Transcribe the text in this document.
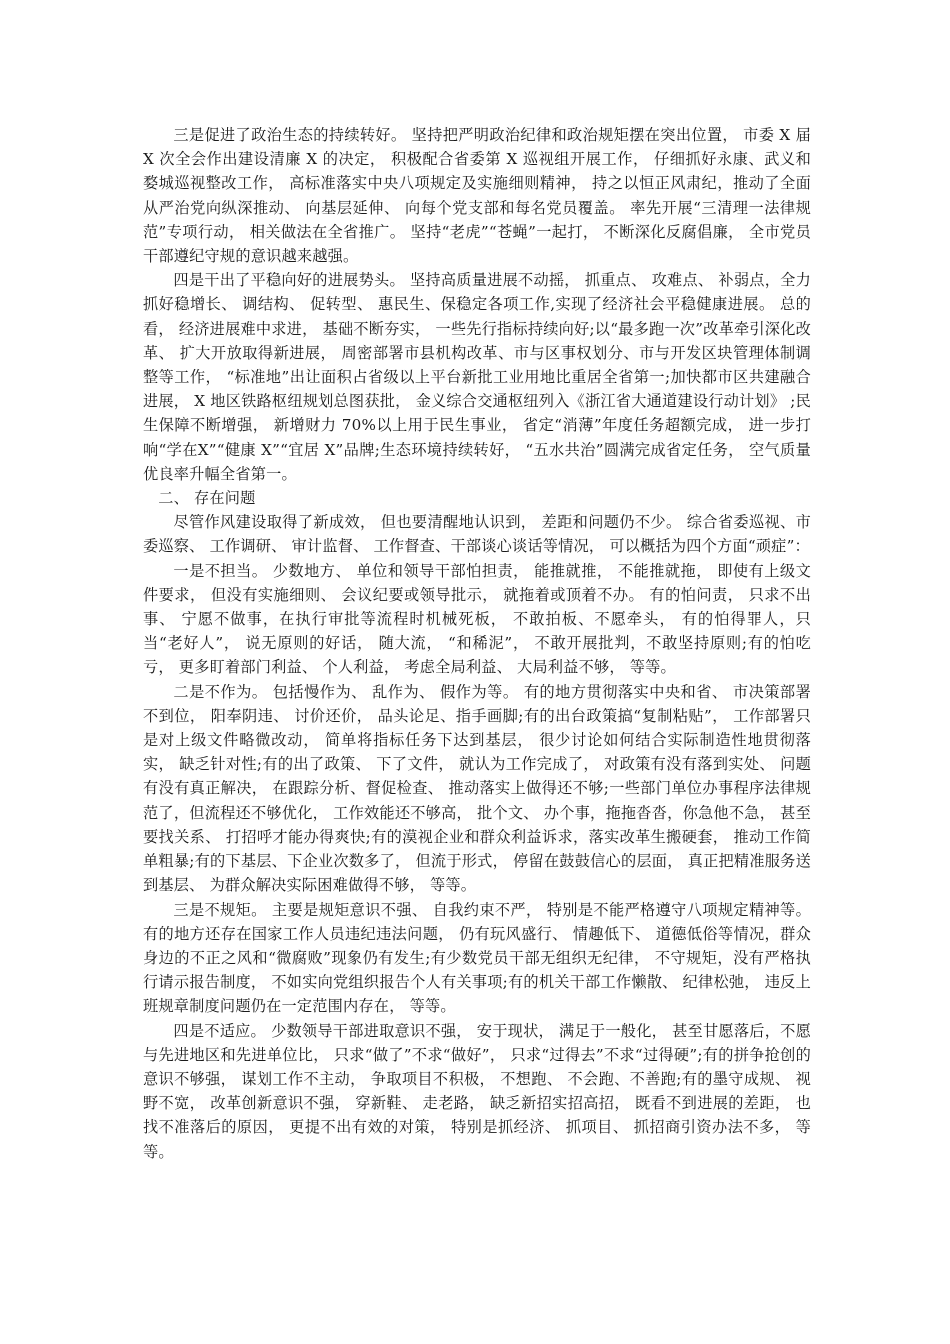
三是促进了政治生态的持续转好。 坚持把严明政治纪律和政治规矩摆在突出位置， 市委 X 届 X 次全会作出建设清廉 X 的决定， 积极配合省委第 X 巡视组开展工作， 仔细抓好永康、武义和婺城巡视整改工作， 高标准落实中央八项规定及实施细则精神， 持之以恒正风肃纪，推动了全面从严治党向纵深推动、 向基层延伸、 向每个党支部和每名党员覆盖。 率先开展“三清理一法律规范”专项行动， 相关做法在全省推广。 坚持“老虎”“苍蝇”一起打， 不断深化反腐倡廉， 全市党员干部遵纪守规的意识越来越强。

四是干出了平稳向好的进展势头。 坚持高质量进展不动摇， 抓重点、 攻难点、 补弱点，全力抓好稳增长、 调结构、 促转型、 惠民生、保稳定各项工作,实现了经济社会平稳健康进展。 总的看， 经济进展难中求进， 基础不断夯实， 一些先行指标持续向好;以“最多跑一次”改革牵引深化改革、 扩大开放取得新进展， 周密部署市县机构改革、市与区事权划分、市与开发区块管理体制调整等工作， “标准地”出让面积占省级以上平台新批工业用地比重居全省第一;加快都市区共建融合进展， X 地区铁路枢纽规划总图获批， 金义综合交通枢纽列入《浙江省大通道建设行动计划》 ;民生保障不断增强， 新增财力 70%以上用于民生事业， 省定“消薄”年度任务超额完成， 进一步打响“学在X”“健康 X”“宜居 X”品牌;生态环境持续转好， “五水共治”圆满完成省定任务， 空气质量优良率升幅全省第一。

二、 存在问题

尽管作风建设取得了新成效， 但也要清醒地认识到， 差距和问题仍不少。 综合省委巡视、市委巡察、 工作调研、 审计监督、 工作督查、干部谈心谈话等情况， 可以概括为四个方面“顽症”：

一是不担当。 少数地方、 单位和领导干部怕担责， 能推就推， 不能推就拖， 即使有上级文件要求， 但没有实施细则、 会议纪要或领导批示， 就拖着或顶着不办。 有的怕问责， 只求不出事、 宁愿不做事，在执行审批等流程时机械死板， 不敢拍板、不愿牵头， 有的怕得罪人，只当“老好人”， 说无原则的好话， 随大流， “和稀泥”， 不敢开展批判，不敢坚持原则;有的怕吃亏， 更多盯着部门利益、 个人利益， 考虑全局利益、 大局利益不够， 等等。

二是不作为。 包括慢作为、 乱作为、 假作为等。 有的地方贯彻落实中央和省、 市决策部署不到位， 阳奉阴违、 讨价还价， 品头论足、指手画脚;有的出台政策搞“复制粘贴”， 工作部署只是对上级文件略微改动， 简单将指标任务下达到基层， 很少讨论如何结合实际制造性地贯彻落实， 缺乏针对性;有的出了政策、 下了文件， 就认为工作完成了， 对政策有没有落到实处、 问题有没有真正解决， 在跟踪分析、督促检查、 推动落实上做得还不够;一些部门单位办事程序法律规范了，但流程还不够优化， 工作效能还不够高， 批个文、 办个事，拖拖沓沓，你急他不急， 甚至要找关系、 打招呼才能办得爽快;有的漠视企业和群众利益诉求，落实改革生搬硬套， 推动工作简单粗暴;有的下基层、下企业次数多了， 但流于形式， 停留在鼓鼓信心的层面， 真正把精准服务送到基层、 为群众解决实际困难做得不够， 等等。

三是不规矩。 主要是规矩意识不强、 自我约束不严， 特别是不能严格遵守八项规定精神等。 有的地方还存在国家工作人员违纪违法问题， 仍有玩风盛行、 情趣低下、 道德低俗等情况，群众身边的不正之风和“微腐败”现象仍有发生;有少数党员干部无组织无纪律， 不守规矩，没有严格执行请示报告制度， 不如实向党组织报告个人有关事项;有的机关干部工作懒散、 纪律松弛， 违反上班规章制度问题仍在一定范围内存在， 等等。

四是不适应。 少数领导干部进取意识不强， 安于现状， 满足于一般化， 甚至甘愿落后，不愿与先进地区和先进单位比， 只求“做了”不求“做好”， 只求“过得去”不求“过得硬”;有的拼争抢创的意识不够强， 谋划工作不主动， 争取项目不积极， 不想跑、 不会跑、不善跑;有的墨守成规、 视野不宽， 改革创新意识不强， 穿新鞋、 走老路， 缺乏新招实招高招， 既看不到进展的差距， 也找不准落后的原因， 更提不出有效的对策， 特别是抓经济、 抓项目、 抓招商引资办法不多， 等等。
